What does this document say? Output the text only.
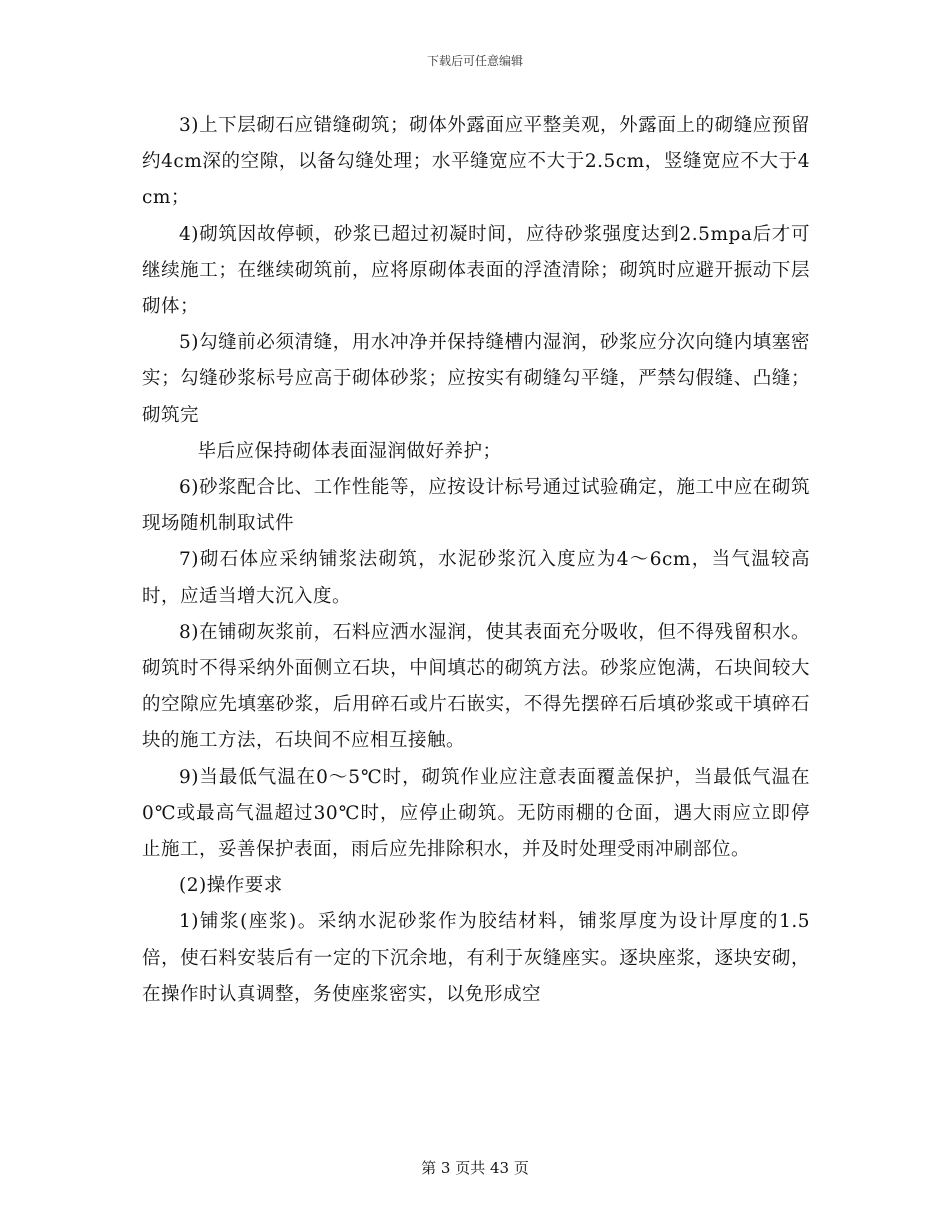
下载后可任意编辑

3)上下层砌石应错缝砌筑；砌体外露面应平整美观，外露面上的砌缝应预留约4cm深的空隙，以备勾缝处理；水平缝宽应不大于2.5cm，竖缝宽应不大于4cm；

4)砌筑因故停顿，砂浆已超过初凝时间，应待砂浆强度达到2.5mpa后才可继续施工；在继续砌筑前，应将原砌体表面的浮渣清除；砌筑时应避开振动下层砌体；

5)勾缝前必须清缝，用水冲净并保持缝槽内湿润，砂浆应分次向缝内填塞密实；勾缝砂浆标号应高于砌体砂浆；应按实有砌缝勾平缝，严禁勾假缝、凸缝；砌筑完

毕后应保持砌体表面湿润做好养护；

6)砂浆配合比、工作性能等，应按设计标号通过试验确定，施工中应在砌筑现场随机制取试件

7)砌石体应采纳铺浆法砌筑，水泥砂浆沉入度应为4～6cm，当气温较高时，应适当增大沉入度。

8)在铺砌灰浆前，石料应洒水湿润，使其表面充分吸收，但不得残留积水。砌筑时不得采纳外面侧立石块，中间填芯的砌筑方法。砂浆应饱满，石块间较大的空隙应先填塞砂浆，后用碎石或片石嵌实，不得先摆碎石后填砂浆或干填碎石块的施工方法，石块间不应相互接触。

9)当最低气温在0～5℃时，砌筑作业应注意表面覆盖保护，当最低气温在0℃或最高气温超过30℃时，应停止砌筑。无防雨棚的仓面，遇大雨应立即停止施工，妥善保护表面，雨后应先排除积水，并及时处理受雨冲刷部位。

(2)操作要求

1)铺浆(座浆)。采纳水泥砂浆作为胶结材料，铺浆厚度为设计厚度的1.5倍，使石料安装后有一定的下沉余地，有利于灰缝座实。逐块座浆，逐块安砌，在操作时认真调整，务使座浆密实，以免形成空

第 3 页共 43 页
